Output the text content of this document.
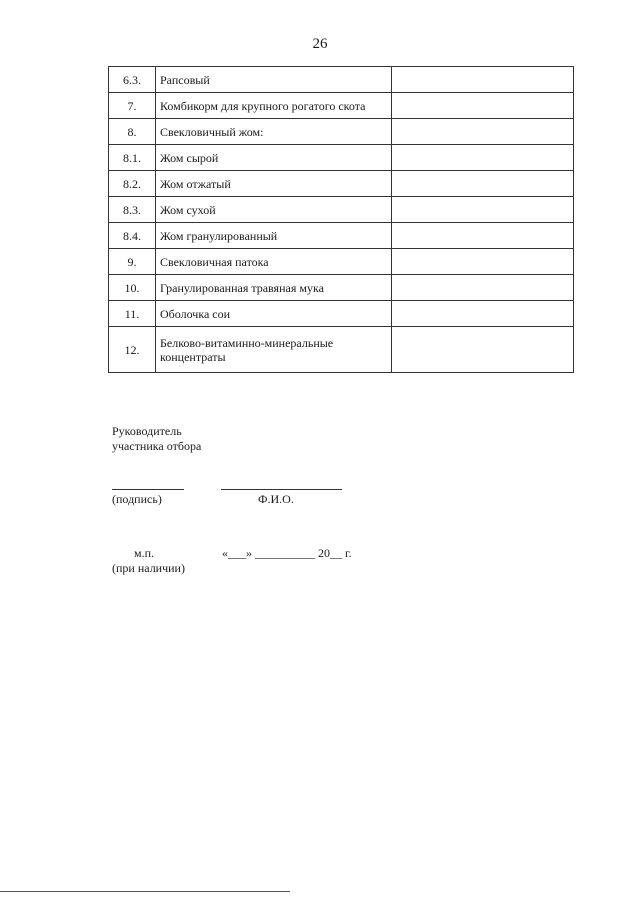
26
6.3.	Рапсовый	
7.	Комбикорм для крупного рогатого скота	
8.	Свекловичный жом:	
8.1.	Жом сырой	
8.2.	Жом отжатый	
8.3.	Жом сухой	
8.4.	Жом гранулированный	
9.	Свекловичная патока	
10.	Гранулированная травяная мука	
11.	Оболочка сои	
12.	Белково-витаминно-минеральные концентраты	
Руководитель
участника отбора
(подпись)	Ф.И.О.
м.п.
(при наличии)
«___» __________ 20__ г.
